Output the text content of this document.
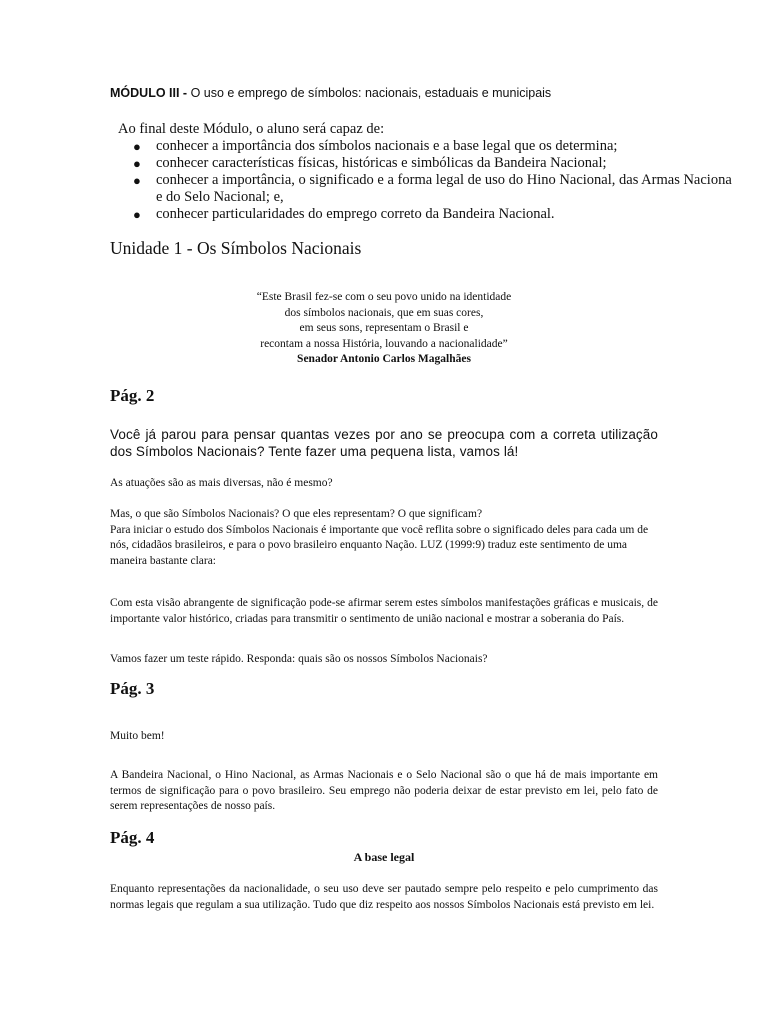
MÓDULO III - O uso e emprego de símbolos: nacionais, estaduais e municipais
Ao final deste Módulo, o aluno será capaz de:
● conhecer a importância dos símbolos nacionais e a base legal que os determina;
● conhecer características físicas, históricas e simbólicas da Bandeira Nacional;
● conhecer a importância, o significado e a forma legal de uso do Hino Nacional, das Armas Naciona
e do Selo Nacional; e,
● conhecer particularidades do emprego correto da Bandeira Nacional.
Unidade 1 - Os Símbolos Nacionais
“Este Brasil fez-se com o seu povo unido na identidade
dos símbolos nacionais, que em suas cores,
em seus sons, representam o Brasil e
recontam a nossa História, louvando a nacionalidade”
Senador Antonio Carlos Magalhães
Pág. 2
Você já parou para pensar quantas vezes por ano se preocupa com a correta utilização dos Símbolos Nacionais? Tente fazer uma pequena lista, vamos lá!
As atuações são as mais diversas, não é mesmo?
Mas, o que são Símbolos Nacionais? O que eles representam? O que significam?
Para iniciar o estudo dos Símbolos Nacionais é importante que você reflita sobre o significado deles para cada um de nós, cidadãos brasileiros, e para o povo brasileiro enquanto Nação. LUZ (1999:9) traduz este sentimento de uma maneira bastante clara:
Com esta visão abrangente de significação pode-se afirmar serem estes símbolos manifestações gráficas e musicais, de importante valor histórico, criadas para transmitir o sentimento de união nacional e mostrar a soberania do País.
Vamos fazer um teste rápido. Responda: quais são os nossos Símbolos Nacionais?
Pág. 3
Muito bem!
A Bandeira Nacional, o Hino Nacional, as Armas Nacionais e o Selo Nacional são o que há de mais importante em termos de significação para o povo brasileiro. Seu emprego não poderia deixar de estar previsto em lei, pelo fato de serem representações de nosso país.
Pág. 4
A base legal
Enquanto representações da nacionalidade, o seu uso deve ser pautado sempre pelo respeito e pelo cumprimento das normas legais que regulam a sua utilização. Tudo que diz respeito aos nossos Símbolos Nacionais está previsto em lei.
